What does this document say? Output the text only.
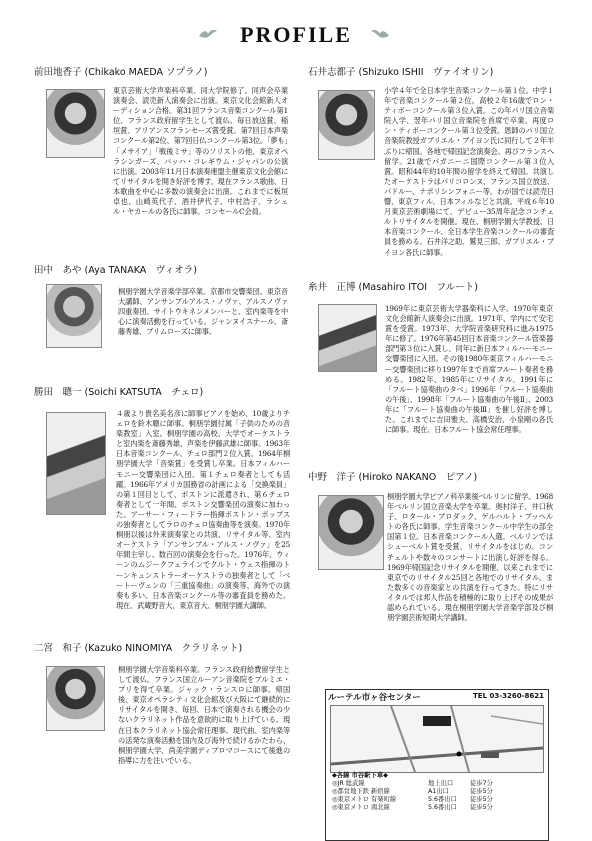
PROFILE
前田地香子 (Chikako MAEDA ソプラノ)
東京芸術大学声楽科卒業、同大学院修了。同声会卒業演奏会、読売新人演奏会に出演。東京文化会館新人オーディション合格。第31回フランス音楽コンクール第1位、フランス政府留学生として渡仏。毎日放送賞、稲垣賞、アリアンスフランセーズ賞受賞。第7回日本声楽コンクール第2位、第7回日仏コンクール第3位。「夢も」「メサイア」「戦後ミサ」等のソリストの他、東京オペラシンガーズ、バッハ・コレギウム・ジャパンの公演に出演。2003年11月日本演奏連盟主催東京文化会館にてリサイタルを開き好評を博す。現在フランス歌曲、日本歌曲を中心に多数の演奏会に出演。これまでに板垣卓也、山崎英代子、酒井伊代子、中村浩子、ラシェル・ヤカールの各氏に師事。コンセールC会員。
田中　あや (Aya TANAKA　ヴィオラ)
桐朋学園大学音楽学部卒業。京都市交響楽団、東京音大講師、アンサンブルアルス・ノヴァ、アルスノヴァ四重奏団、サイトウキネンメンバーと、室内楽等を中心に演奏活動を行っている。ジャンヌイスナール、斎藤秀雄、ブリムローズに師事。
勝田　聰一 (Soichi KATSUTA　チェロ)
４歳より貴名美名彦に師事ピアノを始め、10歳よりチェロを鈴木聰に師事。桐朋学園付属「子供のための音楽教室」入室。桐朋学園の高校、大学でオーケストラと室内楽を斎藤秀雄、声楽を伊藤武雄に師事。1963年日本音楽コンクール、チェロ部門２位入賞。1964年桐朋学園大学「音楽賞」を受賞し卒業。日本フィルハーモニー交響楽団に入団、第１チェロ奏者としても活躍。1966年アメリカ国務省の計画による「交換楽員」の第１回目として、ボストンに派遣され、第６チェロ奏者として一年間、ボストン交響楽団の演奏に加わった。アーサー・フィードラー指揮ボストン・ポップスの独奏者としてラロのチェロ協奏曲等を演奏。1970年桐朋以後は外来演奏家との共演、リサイタル等、室内オーケストラ「アンサンブル・アルス・ノヴァ」を25年間主宰し、数百回の演奏会を行った。1976年、ウィーンのムジークフェラインでクルト・ウェス指揮のトーンキュンストラーオーケストラの独奏者として「ベートーヴェンの「三重協奏曲」の演奏等、海外での演奏も多い。日本音楽コンクール等の審査員を務めた。現在、武蔵野音大、東京音大、桐朋学園大講師。
二宮　和子 (Kazuko NINOMIYA　クラリネット)
桐朋学園大学音楽科卒業。フランス政府給費留学生として渡仏。フランス国立ルーアン音楽院をプルミエ・プリを得て卒業。ジャック・ランスロに師事。帰国後、東京オペラシティ文化会館及び大阪にて継続的にリサイタルを開き、毎回、日本で演奏される機会の少ないクラリネット作品を意欲的に取り上げている。現在日本クラリネット協会常任理事。現代曲、室内楽等の活発な演奏活動を国内及び海外で続けるかたわら、桐朋学園大学、尚美学園ディプロマコースにて後進の指導に力を注いでいる。
石井志都子 (Shizuko ISHII　ヴァイオリン)
小学４年で全日本学生音楽コンクール第１位。中学１年で音楽コンクール第２位。高校２年16歳でロン・ティボーコンクール第３位入賞。この年パリ国立音楽院入学、翌年パリ国立音楽院を首席で卒業。再度ロン・ティボーコンクール第３位受賞。恩師のパリ国立音楽院教授ガブリエル・ブイヨン氏に同行して２年半ぶりに帰国。各地で帰国記念演奏会。再びフランスへ留学。21歳でパガニーニ国際コンクール第３位入賞。昭和44年約10年間の留学を終えて帰国。共演したオーケストラはパリコロンヌ、フランス国立放送、パドルー、ナポリシンフォニー等。わが国では読売日響、東京フィル、日本フィルなどと共演。平成６年10月東京芸術劇場にて、デビュー35周年記念コンチェルトリサイタルを開催。現在、桐朋学園大学教授、日本音楽コンクール、全日本学生音楽コンクールの審査員を務める。石井洋之助、鷲見三郎、ガブリエル・ブイヨン各氏に師事。
糸井　正博 (Masahiro ITOI　フルート)
1969年に東京芸術大学器楽科に入学。1970年東京文化会館新人演奏会に出演。1971年、学内にて安宅賞を受賞。1973年、大学院音楽研究科に進み1975年に修了。1976年第45回日本音楽コンクール管楽器部門第３位に入賞し、同年に新日本フィルハーモニー交響楽団に入団。その後1980年東京フィルハーモニー交響楽団に移り1997年まで首席フルート奏者を務める。1982年、1985年にリサイタル、1991年に「フルート協奏曲のタベ」1996年「フルート協奏曲の午後」、1998年「フルート協奏曲の午後Ⅱ」、2003年に「フルート協奏曲の午後Ⅲ」を催し好評を博した。これまでに吉田雅夫、高橋安治、小泉剛の各氏に師事。現在、日本フルート協会常任理事。
中野　洋子 (Hiroko NAKANO　ピアノ)
桐朋学園大学ピアノ科卒業後ベルリンに留学。1968年ベルリン国立音楽大学を卒業。奥村洋子、井口秋子、ロタール・ブロダック、ゲルハルト・プッヘルトの各氏に師事。学生音楽コンクール中学生の部全国第１位。日本音楽コンクール入選。ベルリンではシューベルト賞を受賞、リサイタルをはじめ、コンチェルトや数々のコンサートに出演し好評を得る。1969年帰国記念リサイタルを開催、以来これまでに東京でのリサイタル25回と各地でのリサイタル、また数多くの音楽家との共演を行ってきた。特にリサイタルでは邦人作品を積極的に取り上げその成果が認められている。現在桐朋学園大学音楽学部及び桐朋学園芸術短期大学講師。
ルーテル市ヶ谷センター	TEL 03-3260-8621
◆各線 市谷駅下車◆
◎JR 総武線	地上出口	徒歩7分
◎都営地下鉄 新宿線	A1出口	徒歩5分
◎東京メトロ 有楽町線	5.6番出口	徒歩5分
◎東京メトロ 南北線	5.6番出口	徒歩5分
